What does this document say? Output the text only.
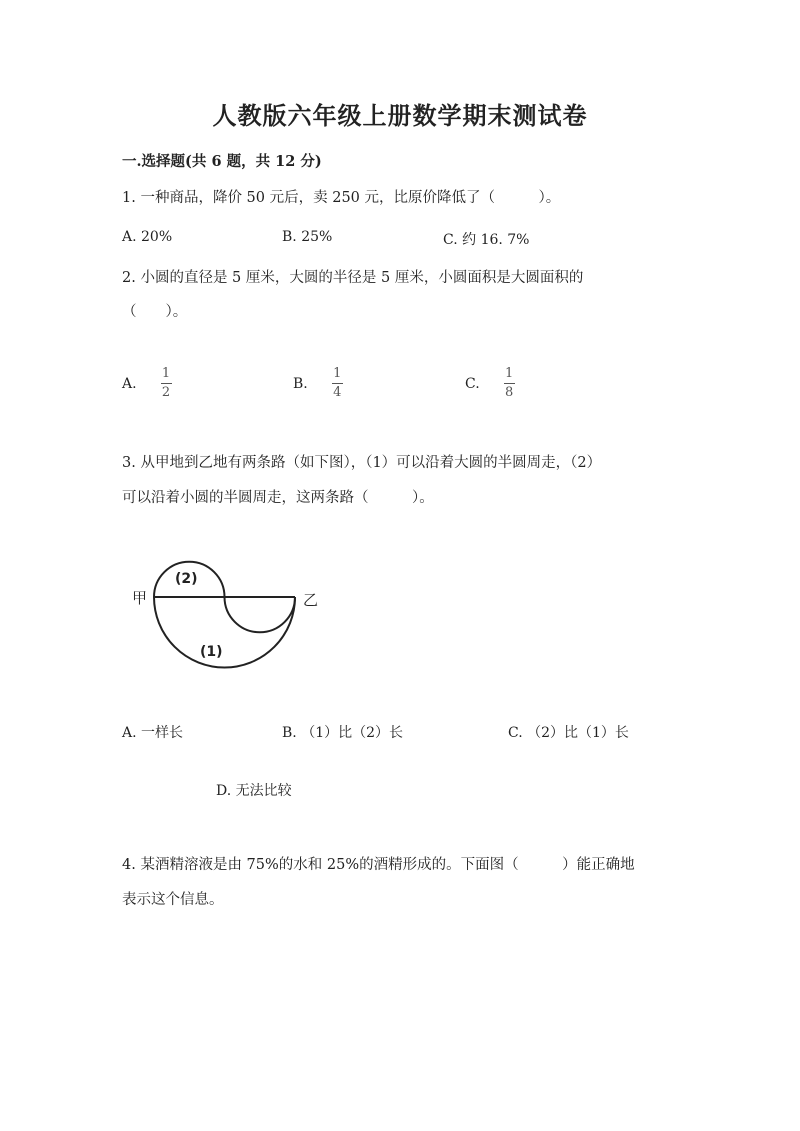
人教版六年级上册数学期末测试卷
一.选择题(共 6 题，共 12 分)
1. 一种商品，降价 50 元后，卖 250 元，比原价降低了（　　　）。
A. 20%	B. 25%	C. 约 16. 7%
2. 小圆的直径是 5 厘米，大圆的半径是 5 厘米，小圆面积是大圆面积的
（　　）。
A. $\frac{1}{2}$	B. $\frac{1}{4}$	C. $\frac{1}{8}$
3. 从甲地到乙地有两条路（如下图），（1）可以沿着大圆的半圆周走，（2）
可以沿着小圆的半圆周走，这两条路（　　　）。
甲	乙
(2)
(1)
A. 一样长	B. （1）比（2）长	C. （2）比（1）长
D. 无法比较
4. 某酒精溶液是由 75%的水和 25%的酒精形成的。下面图（　　　）能正确地
表示这个信息。
